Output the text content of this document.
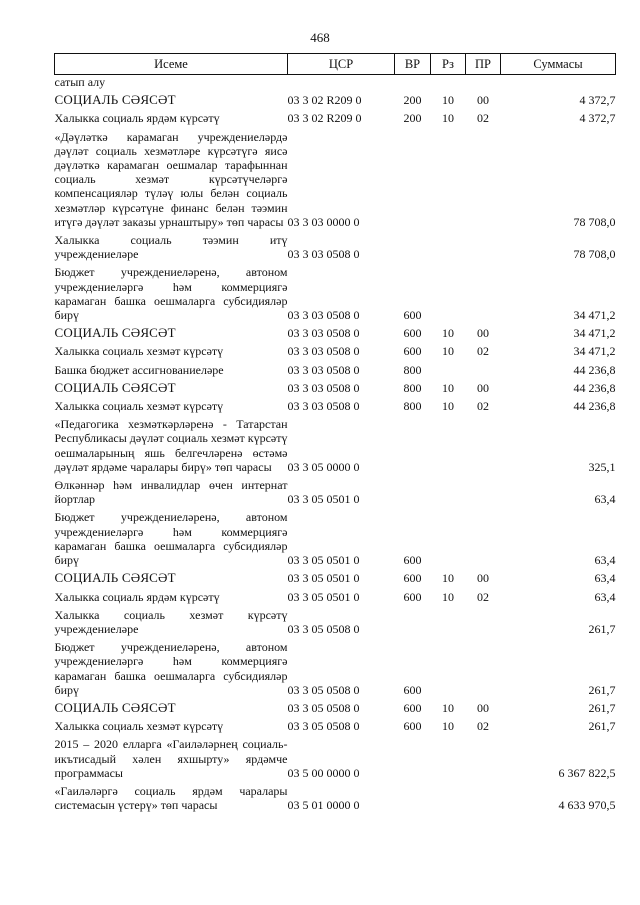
468
Исеме	ЦСР	ВР	Рз	ПР	Суммасы
сатып алу					
СОЦИАЛЬ СӘЯСӘТ	03 3 02 R209 0	200	10	00	4 372,7
Халыкка социаль ярдәм күрсәтү	03 3 02 R209 0	200	10	02	4 372,7
«Дәүләткә карамаган учреждениеләрдә дәүләт социаль хезмәтләре күрсәтүгә яисә дәүләткә карамаган оешмалар тарафыннан социаль хезмәт күрсәтүчеләргә компенсацияләр түләү юлы белән социаль хезмәтләр күрсәтүне финанс белән тәэмин итүгә дәүләт заказы урнаштыру» төп чарасы	03 3 03 0000 0				78 708,0
Халыкка социаль тәэмин итү учреждениеләре	03 3 03 0508 0				78 708,0
Бюджет учреждениеләренә, автоном учреждениеләргә һәм коммерциягә карамаган башка оешмаларга субсидияләр бирү	03 3 03 0508 0	600			34 471,2
СОЦИАЛЬ СӘЯСӘТ	03 3 03 0508 0	600	10	00	34 471,2
Халыкка социаль хезмәт күрсәтү	03 3 03 0508 0	600	10	02	34 471,2
Башка бюджет ассигнованиеләре	03 3 03 0508 0	800			44 236,8
СОЦИАЛЬ СӘЯСӘТ	03 3 03 0508 0	800	10	00	44 236,8
Халыкка социаль хезмәт күрсәтү	03 3 03 0508 0	800	10	02	44 236,8
«Педагогика хезмәткәрләренә - Татарстан Республикасы дәүләт социаль хезмәт күрсәтү оешмаларының яшь белгечләренә өстәмә дәүләт ярдәме чаралары бирү» төп чарасы	03 3 05 0000 0				325,1
Өлкәннәр һәм инвалидлар өчен интернат йортлар	03 3 05 0501 0				63,4
Бюджет учреждениеләренә, автоном учреждениеләргә һәм коммерциягә карамаган башка оешмаларга субсидияләр бирү	03 3 05 0501 0	600			63,4
СОЦИАЛЬ СӘЯСӘТ	03 3 05 0501 0	600	10	00	63,4
Халыкка социаль ярдәм күрсәтү	03 3 05 0501 0	600	10	02	63,4
Халыкка социаль хезмәт күрсәтү учреждениеләре	03 3 05 0508 0				261,7
Бюджет учреждениеләренә, автоном учреждениеләргә һәм коммерциягә карамаган башка оешмаларга субсидияләр бирү	03 3 05 0508 0	600			261,7
СОЦИАЛЬ СӘЯСӘТ	03 3 05 0508 0	600	10	00	261,7
Халыкка социаль хезмәт күрсәтү	03 3 05 0508 0	600	10	02	261,7
2015 – 2020 елларга «Гаиләләрнең социаль-икътисадый хәлен яхшырту» ярдәмче программасы	03 5 00 0000 0				6 367 822,5
«Гаиләләргә социаль ярдәм чаралары системасын үстерү» төп чарасы	03 5 01 0000 0				4 633 970,5
